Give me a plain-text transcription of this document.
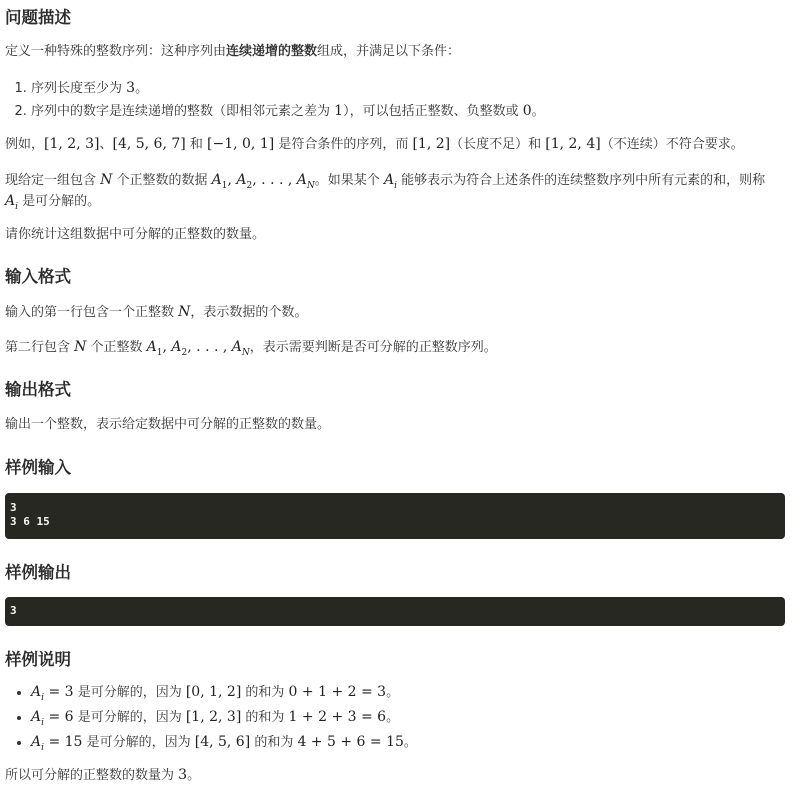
问题描述

定义一种特殊的整数序列：这种序列由连续递增的整数组成，并满足以下条件：

1. 序列长度至少为 3。
2. 序列中的数字是连续递增的整数（即相邻元素之差为 1），可以包括正整数、负整数或 0。

例如，[1, 2, 3]、[4, 5, 6, 7] 和 [−1, 0, 1] 是符合条件的序列，而 [1, 2]（长度不足）和 [1, 2, 4]（不连续）不符合要求。

现给定一组包含 N 个正整数的数据 $A_1$, $A_2$, . . . , $A_N$。如果某个 $A_i$ 能够表示为符合上述条件的连续整数序列中所有元素的和，则称
$A_i$ 是可分解的。

请你统计这组数据中可分解的正整数的数量。

输入格式

输入的第一行包含一个正整数 N，表示数据的个数。

第二行包含 N 个正整数 $A_1$, $A_2$, . . . , $A_N$，表示需要判断是否可分解的正整数序列。

输出格式

输出一个整数，表示给定数据中可分解的正整数的数量。

样例输入
3
3 6 15
样例输出
3
样例说明
• $A_i = 3$ 是可分解的，因为 [0, 1, 2] 的和为 0 + 1 + 2 = 3。
• $A_i = 6$ 是可分解的，因为 [1, 2, 3] 的和为 1 + 2 + 3 = 6。
• $A_i = 15$ 是可分解的，因为 [4, 5, 6] 的和为 4 + 5 + 6 = 15。

所以可分解的正整数的数量为 3。
